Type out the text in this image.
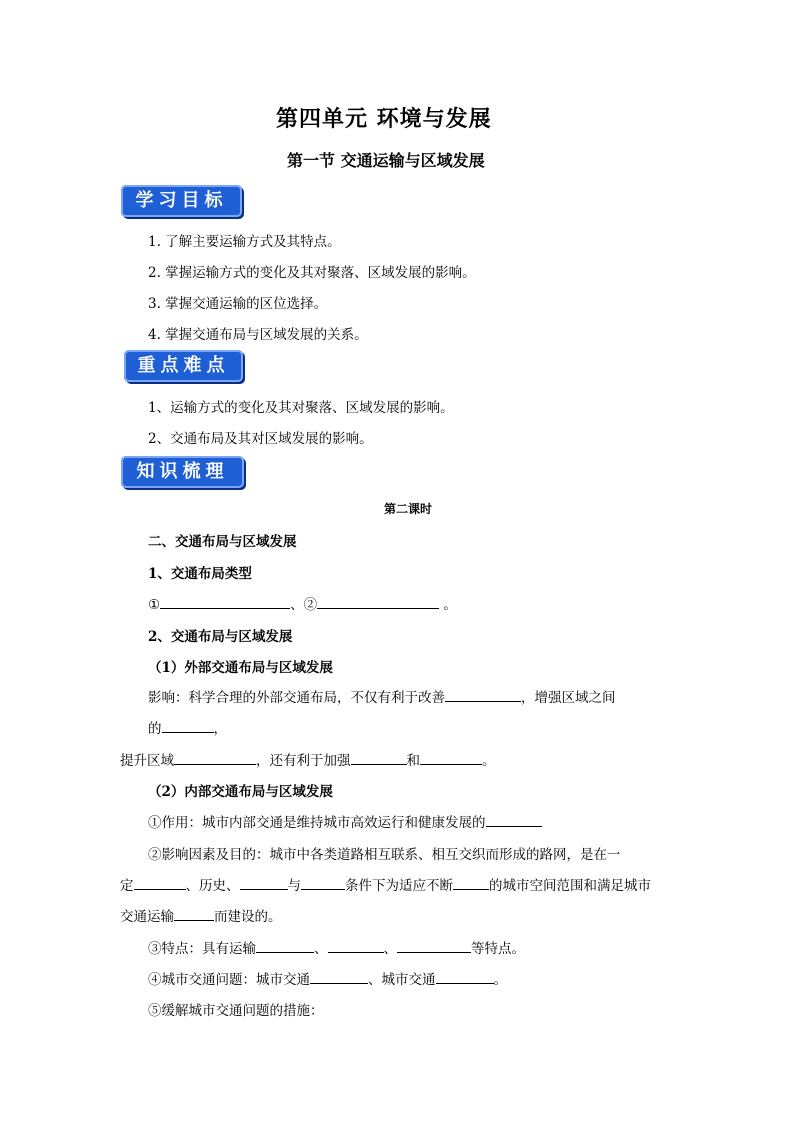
第四单元 环境与发展
第一节 交通运输与区域发展
学习目标
1. 了解主要运输方式及其特点。
2. 掌握运输方式的变化及其对聚落、区域发展的影响。
3. 掌握交通运输的区位选择。
4. 掌握交通布局与区域发展的关系。
重点难点
1、运输方式的变化及其对聚落、区域发展的影响。
2、交通布局及其对区域发展的影响。
知识梳理
第二课时
二、交通布局与区域发展
1、交通布局类型
①	、②	。
2、交通布局与区域发展
（1）外部交通布局与区域发展
影响：科学合理的外部交通布局，不仅有利于改善	，增强区域之间
的	，
提升区域	，还有利于加强	和	。
（2）内部交通布局与区域发展
①作用：城市内部交通是维持城市高效运行和健康发展的
②影响因素及目的：城市中各类道路相互联系、相互交织而形成的路网，是在一
定	、历史、	与	条件下为适应不断	的城市空间范围和满足城市
交通运输	而建设的。
③特点：具有运输	、	、	等特点。
④城市交通问题：城市交通	、城市交通	。
⑤缓解城市交通问题的措施：
